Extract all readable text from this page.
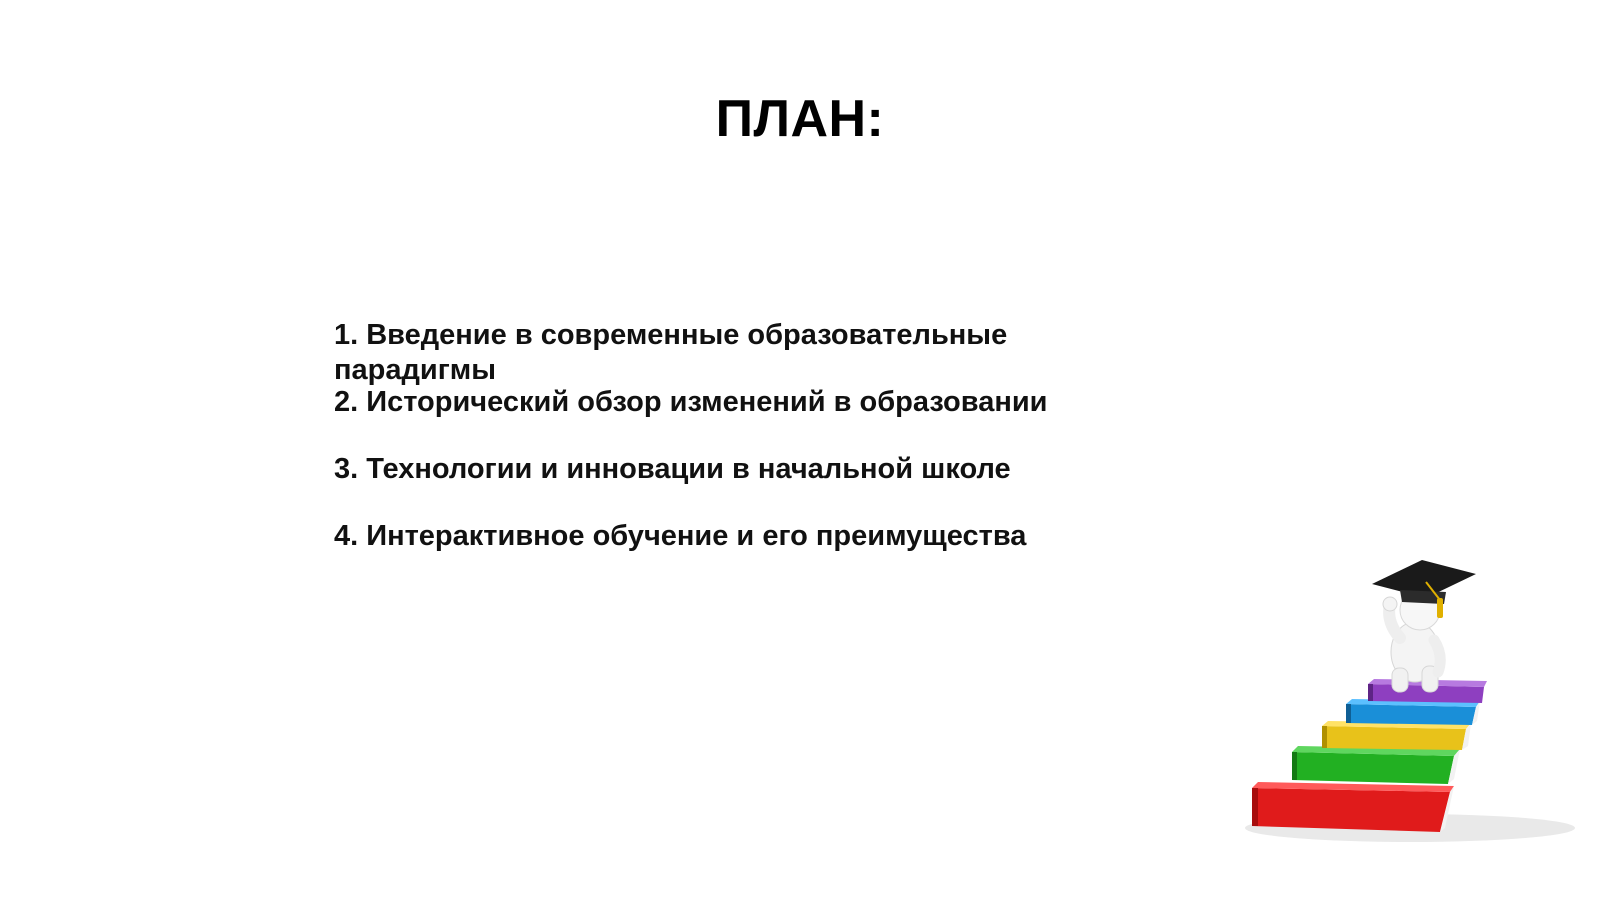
ПЛАН:
1. Введение в современные образовательные парадигмы
2. Исторический обзор изменений в образовании
3. Технологии и инновации в начальной школе
4. Интерактивное обучение и его преимущества
